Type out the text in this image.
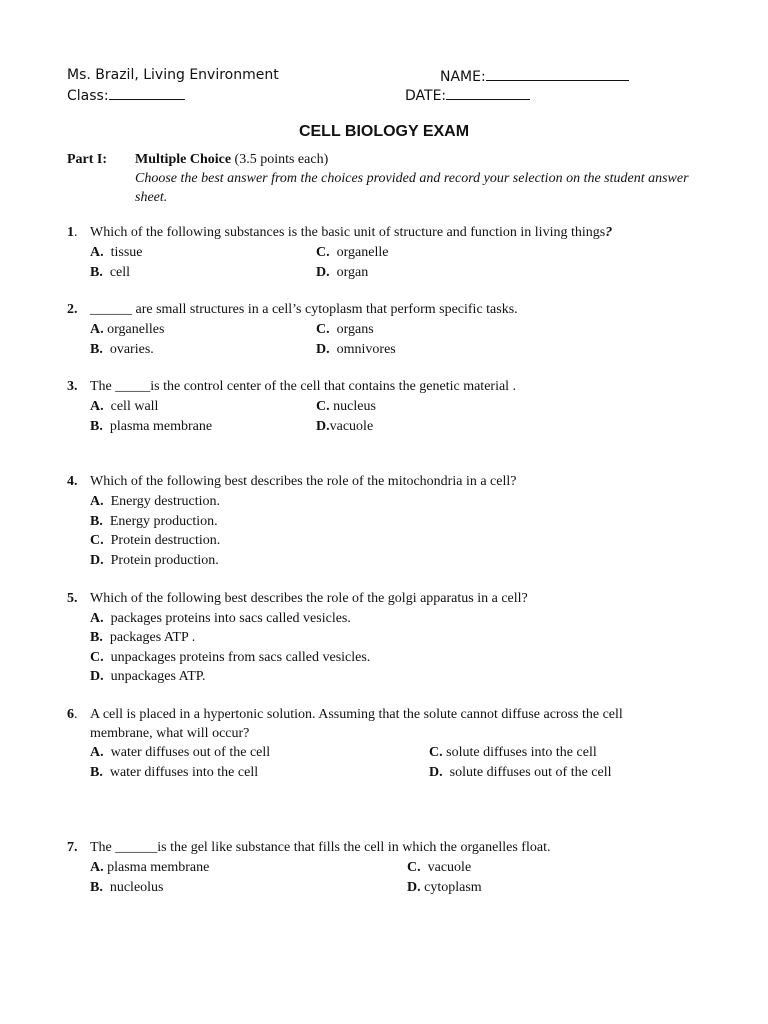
Ms. Brazil, Living Environment	NAME:
Class:	DATE:
CELL BIOLOGY EXAM
Part I: Multiple Choice (3.5 points each)
Choose the best answer from the choices provided and record your selection on the student answer sheet.
1. Which of the following substances is the basic unit of structure and function in living things?
A. tissue	C. organelle
B. cell	D. organ
2. ______ are small structures in a cell’s cytoplasm that perform specific tasks.
A. organelles	C. organs
B. ovaries.	D. omnivores
3. The _____is the control center of the cell that contains the genetic material .
A. cell wall	C. nucleus
B. plasma membrane	D.vacuole
4. Which of the following best describes the role of the mitochondria in a cell?
A. Energy destruction.
B. Energy production.
C. Protein destruction.
D. Protein production.
5. Which of the following best describes the role of the golgi apparatus in a cell?
A. packages proteins into sacs called vesicles.
B. packages ATP .
C. unpackages proteins from sacs called vesicles.
D. unpackages ATP.
6. A cell is placed in a hypertonic solution. Assuming that the solute cannot diffuse across the cell
membrane, what will occur?
A. water diffuses out of the cell	C. solute diffuses into the cell
B. water diffuses into the cell	D. solute diffuses out of the cell
7. The ______is the gel like substance that fills the cell in which the organelles float.
A. plasma membrane	C. vacuole
B. nucleolus	D. cytoplasm
